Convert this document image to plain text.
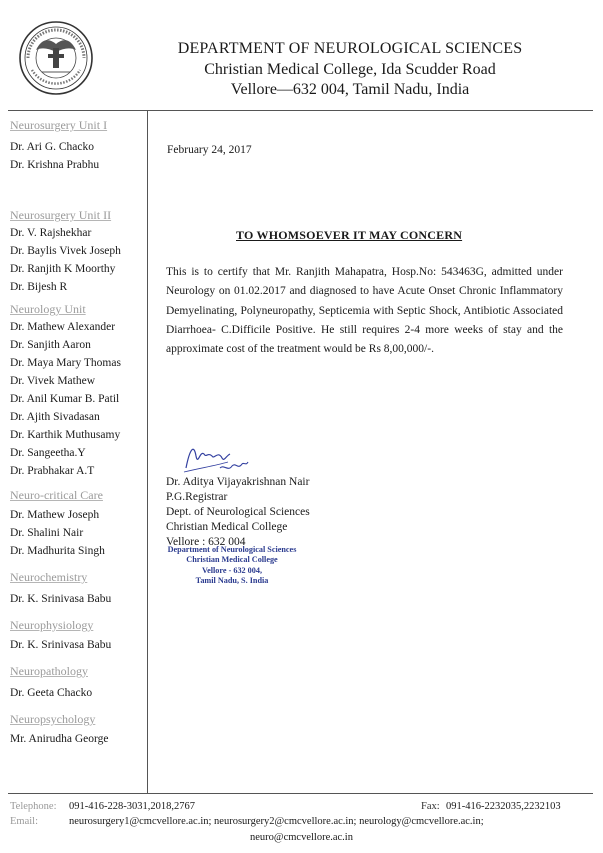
DEPARTMENT OF NEUROLOGICAL SCIENCES
Christian Medical College, Ida Scudder Road
Vellore—632 004, Tamil Nadu, India

Neurosurgery Unit I

Dr. Ari G. Chacko

Dr. Krishna Prabhu

Neurosurgery Unit II

Dr. V. Rajshekhar

Dr. Baylis Vivek Joseph

Dr. Ranjith K Moorthy

Dr. Bijesh R

Neurology Unit

Dr. Mathew Alexander

Dr. Sanjith Aaron

Dr. Maya Mary Thomas

Dr. Vivek Mathew

Dr. Anil Kumar B. Patil

Dr. Ajith Sivadasan

Dr. Karthik Muthusamy

Dr. Sangeetha.Y

Dr. Prabhakar A.T

Neuro-critical Care

Dr. Mathew Joseph

Dr. Shalini Nair

Dr. Madhurita Singh

Neurochemistry

Dr. K. Srinivasa Babu

Neurophysiology

Dr. K. Srinivasa Babu

Neuropathology

Dr. Geeta Chacko

Neuropsychology

Mr. Anirudha George

February 24, 2017
TO WHOMSOEVER IT MAY CONCERN
This is to certify that Mr. Ranjith Mahapatra, Hosp.No: 543463G, admitted under Neurology on 01.02.2017 and diagnosed to have Acute Onset Chronic Inflammatory Demyelinating, Polyneuropathy, Septicemia with Septic Shock, Antibiotic Associated Diarrhoea- C.Difficile Positive. He still requires 2-4 more weeks of stay and the approximate cost of the treatment would be Rs 8,00,000/-.
Dr. Aditya Vijayakrishnan Nair
P.G.Registrar
Dept. of Neurological Sciences
Christian Medical College
Vellore : 632 004
Department of Neurological Sciences
Christian Medical College
Vellore - 632 004,
Tamil Nadu, S. India
Telephone: 091-416-228-3031,2018,2767	Fax: 091-416-2232035,2232103
Email:	neurosurgery1@cmcvellore.ac.in; neurosurgery2@cmcvellore.ac.in; neurology@cmcvellore.ac.in;
neuro@cmcvellore.ac.in
